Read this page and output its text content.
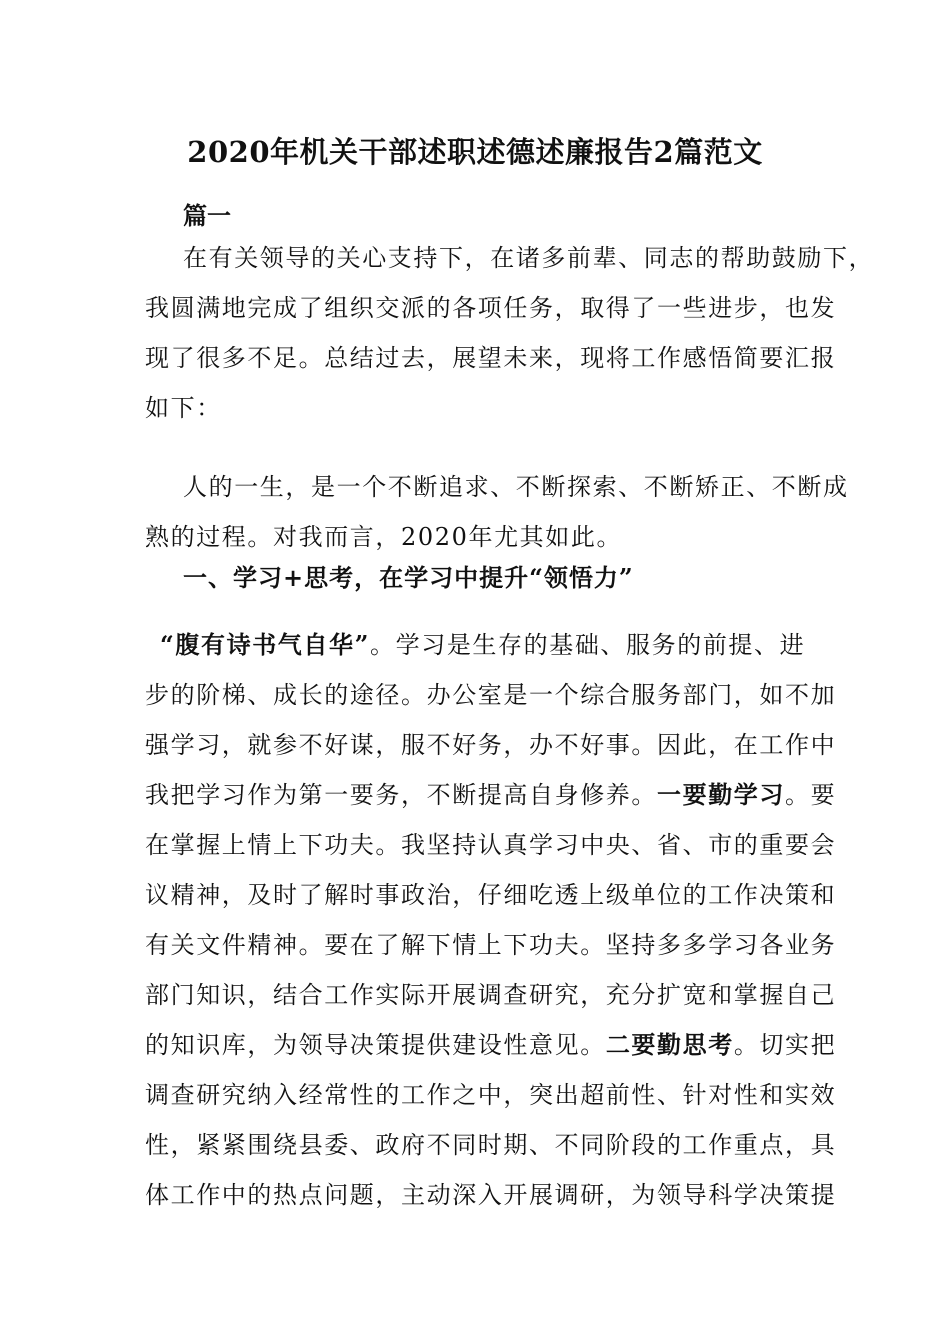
2020年机关干部述职述德述廉报告2篇范文
篇一
在有关领导的关心支持下，在诸多前辈、同志的帮助鼓励下，
我圆满地完成了组织交派的各项任务，取得了一些进步，也发
现了很多不足。总结过去，展望未来，现将工作感悟简要汇报
如下：
人的一生，是一个不断追求、不断探索、不断矫正、不断成
熟的过程。对我而言，2020年尤其如此。
一、学习+思考，在学习中提升“领悟力”
“腹有诗书气自华”。学习是生存的基础、服务的前提、进
步的阶梯、成长的途径。办公室是一个综合服务部门，如不加
强学习，就参不好谋，服不好务，办不好事。因此，在工作中
我把学习作为第一要务，不断提高自身修养。一要勤学习。要
在掌握上情上下功夫。我坚持认真学习中央、省、市的重要会
议精神，及时了解时事政治，仔细吃透上级单位的工作决策和
有关文件精神。要在了解下情上下功夫。坚持多多学习各业务
部门知识，结合工作实际开展调查研究，充分扩宽和掌握自己
的知识库，为领导决策提供建设性意见。二要勤思考。切实把
调查研究纳入经常性的工作之中，突出超前性、针对性和实效
性，紧紧围绕县委、政府不同时期、不同阶段的工作重点，具
体工作中的热点问题，主动深入开展调研，为领导科学决策提
